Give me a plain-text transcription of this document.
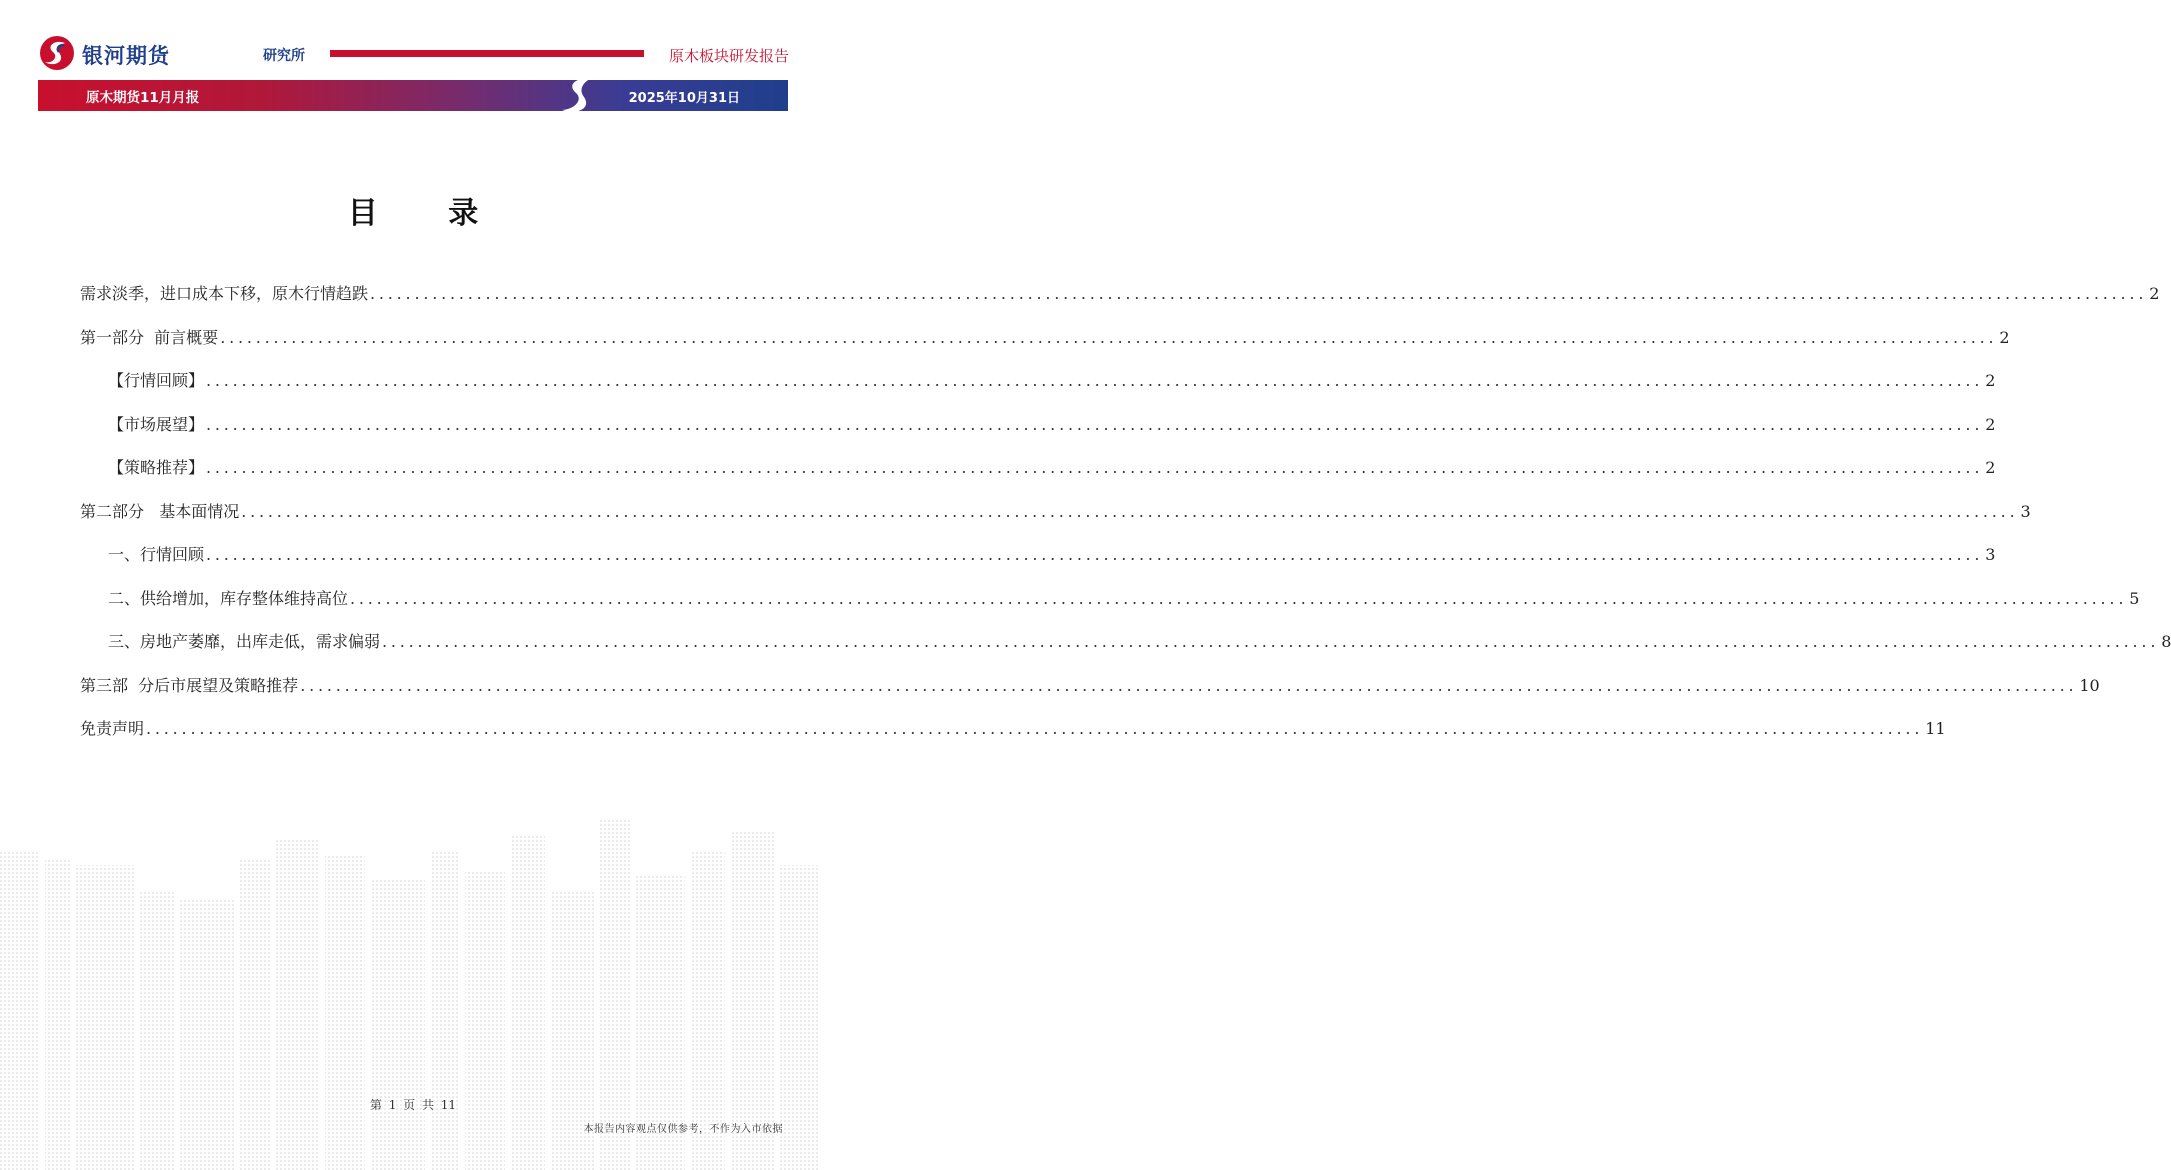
银河期货	研究所	原木板块研发报告
原木期货11月月报	2025年10月31日
目 录
需求淡季，进口成本下移，原木行情趋跌 ........................................................................................................................................................................................................ 2
第一部分  前言概要 ........................................................................................................................................................................................................ 2
【行情回顾】 ........................................................................................................................................................................................................ 2
【市场展望】 ........................................................................................................................................................................................................ 2
【策略推荐】 ........................................................................................................................................................................................................ 2
第二部分   基本面情况 ........................................................................................................................................................................................................ 3
一、行情回顾 ........................................................................................................................................................................................................ 3
二、供给增加，库存整体维持高位 ........................................................................................................................................................................................................ 5
三、房地产萎靡，出库走低，需求偏弱 ........................................................................................................................................................................................................ 8
第三部  分后市展望及策略推荐 ........................................................................................................................................................................................................ 10
免责声明 ........................................................................................................................................................................................................ 11
第 1 页 共 11
本报告内容观点仅供参考，不作为入市依据
